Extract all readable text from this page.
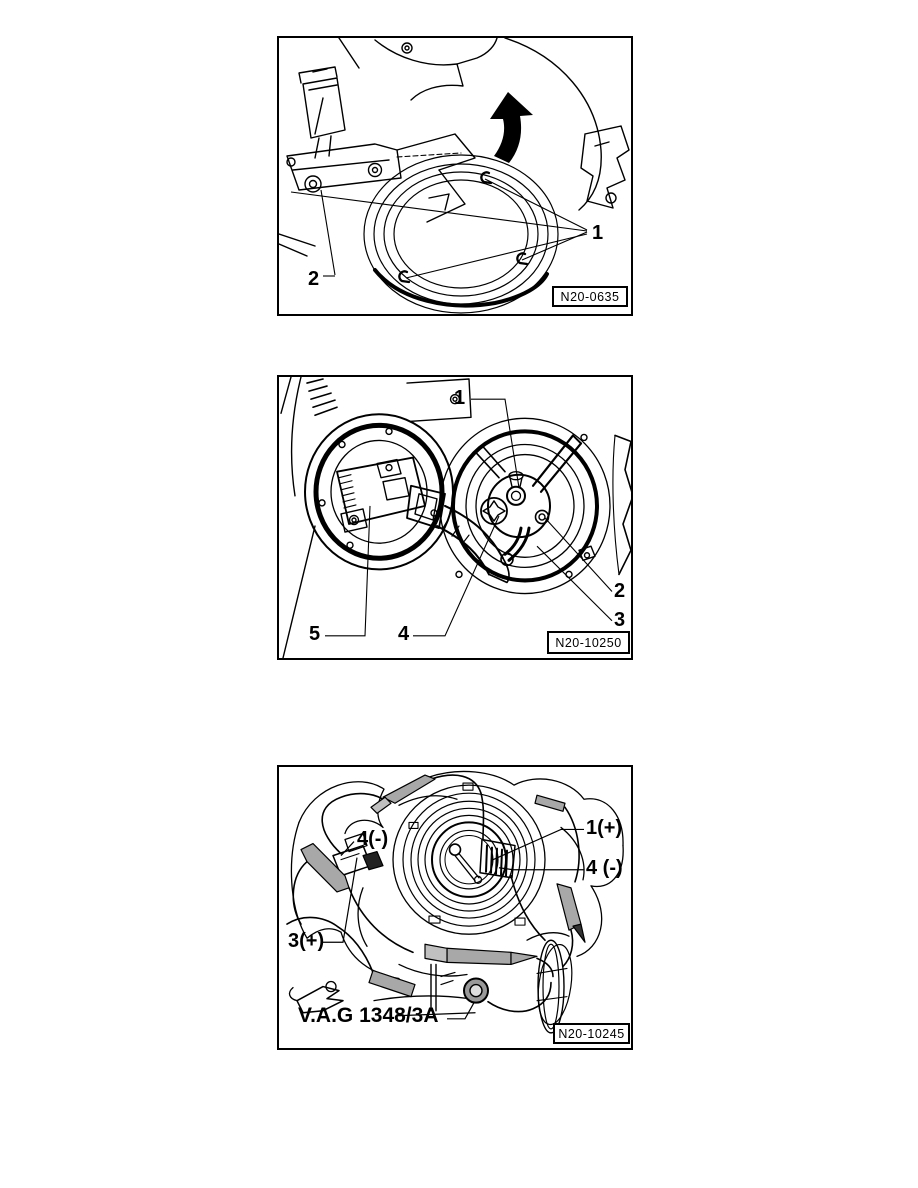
1
2
N20-0635
1
2
3
4
5	N20-10250
4(-)	1(+)
4 (-)
3(+)
V.A.G 1348/3A
N20-10245
